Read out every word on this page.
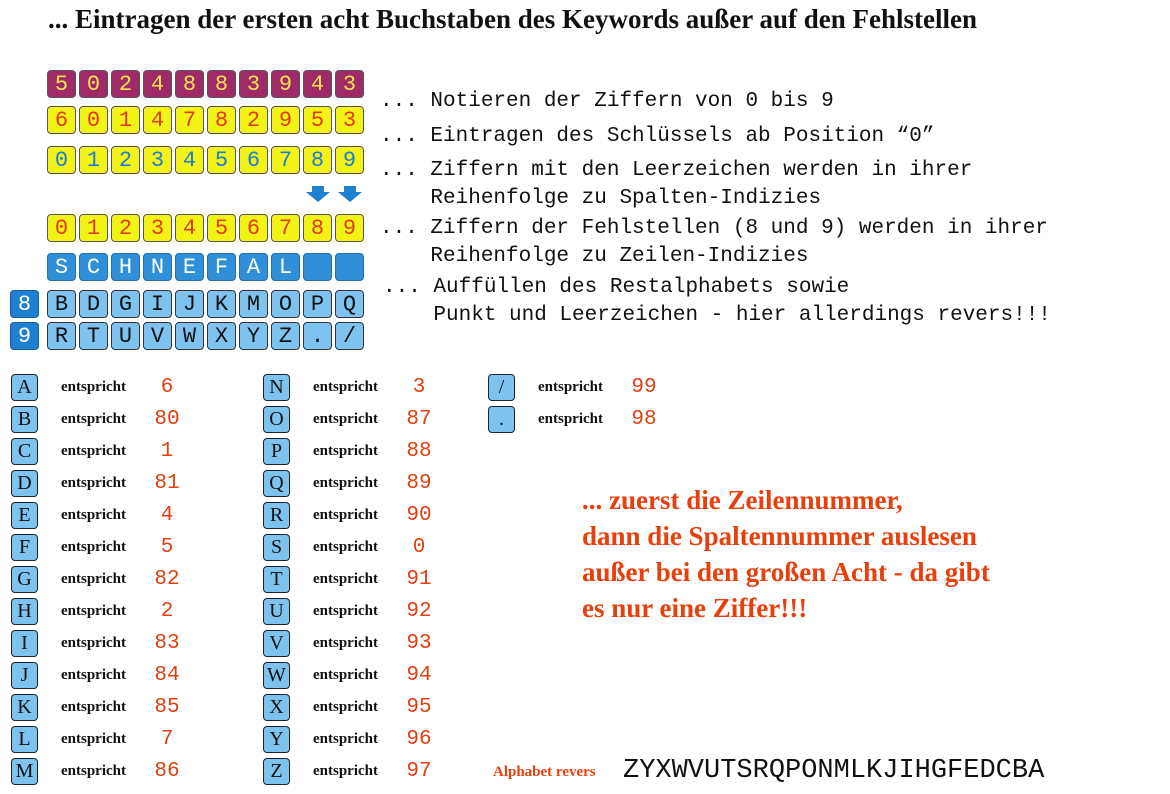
... Eintragen der ersten acht Buchstaben des Keywords außer auf den Fehlstellen
5 0 2 4 8 8 3 9 4 3
6 0 1 4 7 8 2 9 5 3
0 1 2 3 4 5 6 7 8 9
0 1 2 3 4 5 6 7 8 9
S C H N E F A L
8	B D G I J K M O P Q
9	R T U V W X Y Z . /
... Notieren der Ziffern von 0 bis 9
... Eintragen des Schlüssels ab Position “0”
... Ziffern mit den Leerzeichen werden in ihrer
Reihenfolge zu Spalten-Indizies
... Ziffern der Fehlstellen (8 und 9) werden in ihrer
Reihenfolge zu Zeilen-Indizies
... Auffüllen des Restalphabets sowie
Punkt und Leerzeichen - hier allerdings revers!!!
A	entspricht	6
B	entspricht	80
C	entspricht	1
D	entspricht	81
E	entspricht	4
F	entspricht	5
G	entspricht	82
H	entspricht	2
I	entspricht	83
J	entspricht	84
K	entspricht	85
L	entspricht	7
M	entspricht	86
N	entspricht	3
O	entspricht	87
P	entspricht	88
Q	entspricht	89
R	entspricht	90
S	entspricht	0
T	entspricht	91
U	entspricht	92
V	entspricht	93
W entspricht	94
X	entspricht	95
Y	entspricht	96
Z	entspricht	97
/	entspricht	99
.	entspricht	98
... zuerst die Zeilennummer,
dann die Spaltennummer auslesen
außer bei den großen Acht - da gibt
es nur eine Ziffer!!!
Alphabet revers ZYXWVUTSRQPONMLKJIHGFEDCBA
